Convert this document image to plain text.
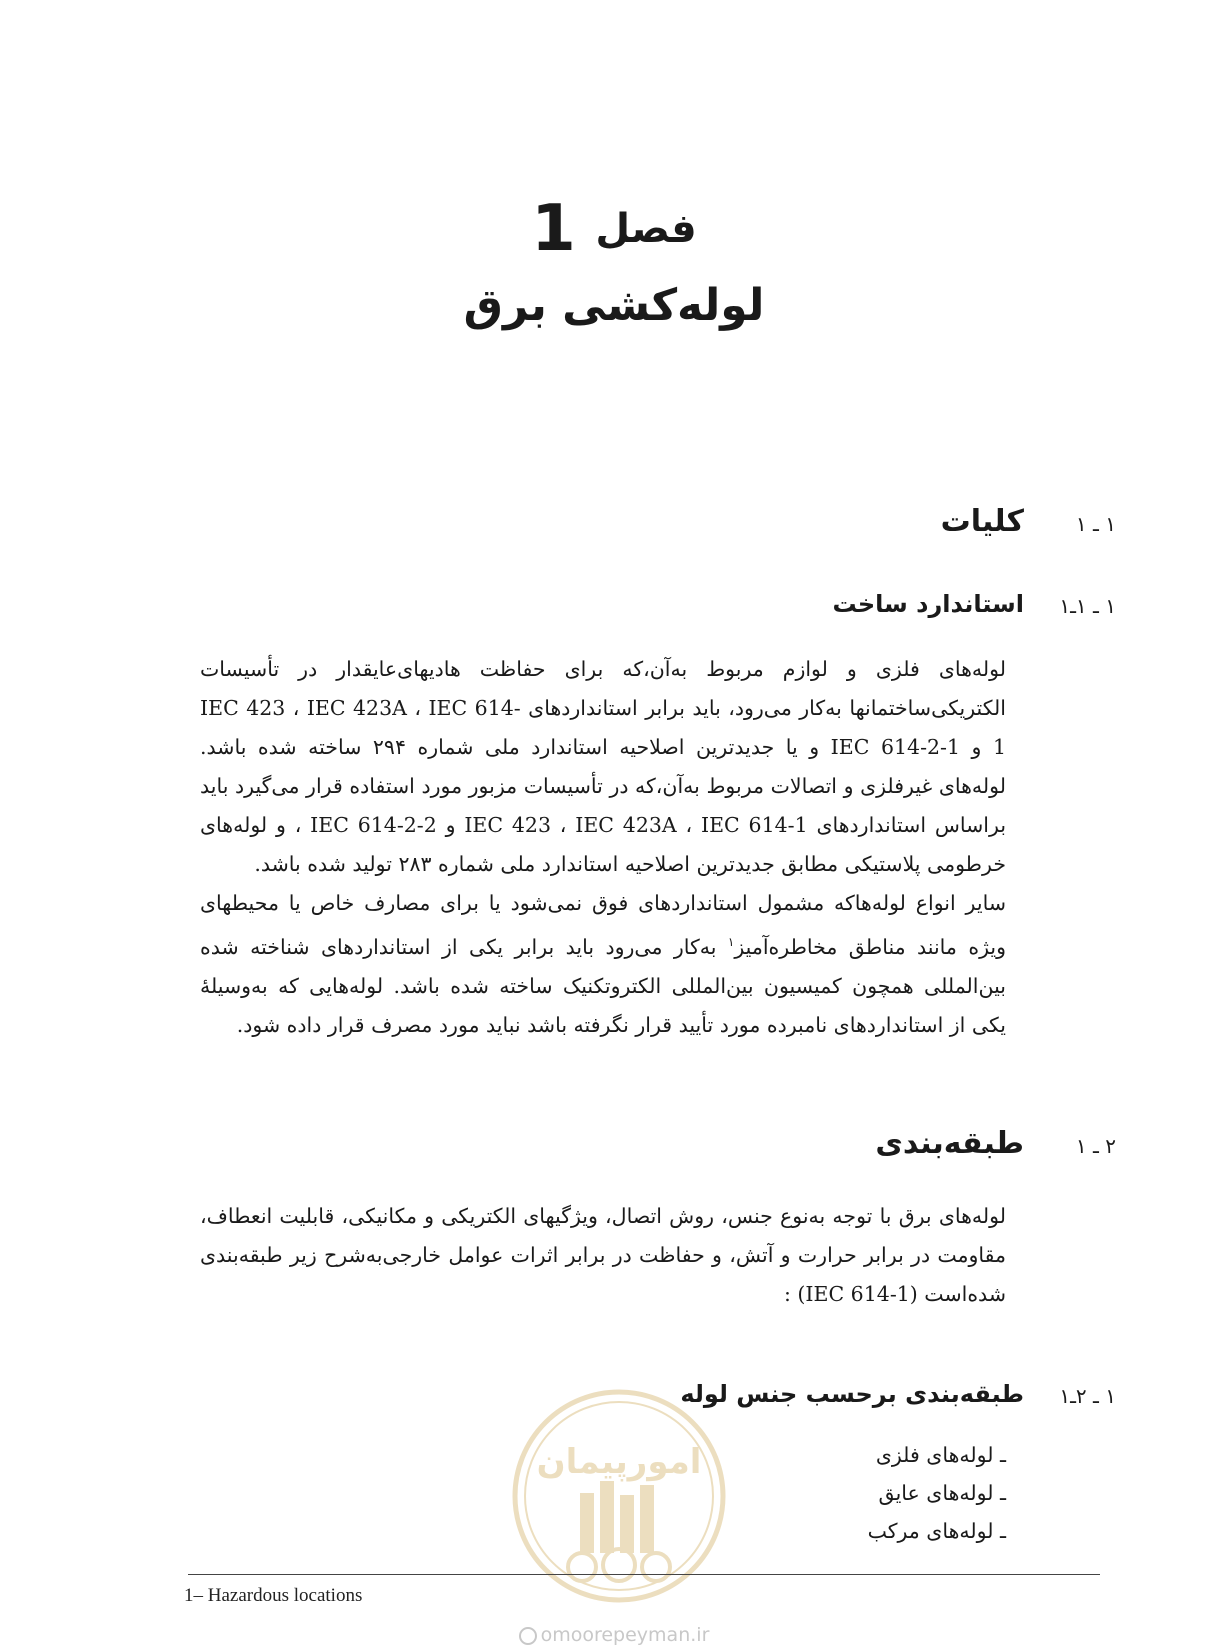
فصل 1
لوله‌کشی برق
۱ ـ ۱
کلیات
۱ ـ ۱ـ۱
استاندارد ساخت
لوله‌های فلزی و لوازم مربوط به‌آن،که برای حفاظت هادیهای‌عایقدار در تأسیسات الکتریکی‌ساختمانها به‌کار می‌رود، باید برابر استانداردهای IEC 423 ، IEC 423A ، IEC 614-1 و IEC 614-2-1 و یا جدیدترین اصلاحیه استاندارد ملی شماره ۲۹۴ ساخته شده باشد. لوله‌های غیرفلزی و اتصالات مربوط به‌آن،که در تأسیسات مزبور مورد استفاده قرار می‌گیرد باید براساس استانداردهای IEC 423 ، IEC 423A ، IEC 614-1 و IEC 614-2-2 ، و لوله‌های خرطومی پلاستیکی مطابق جدیدترین اصلاحیه استاندارد ملی شماره ۲۸۳ تولید شده باشد.
سایر انواع لوله‌هاکه مشمول استانداردهای فوق نمی‌شود یا برای مصارف خاص یا محیطهای ویژه مانند مناطق مخاطره‌آمیز$^۱$ به‌کار می‌رود باید برابر یکی از استانداردهای شناخته شده بین‌المللی همچون کمیسیون بین‌المللی الکتروتکنیک ساخته شده باشد. لوله‌هایی که به‌وسیلهٔ یکی از استانداردهای نامبرده مورد تأیید قرار نگرفته باشد نباید مورد مصرف قرار داده شود.
۲ ـ ۱
طبقه‌بندی
لوله‌های برق با توجه به‌نوع جنس، روش اتصال، ویژگیهای الکتریکی و مکانیکی، قابلیت انعطاف، مقاومت در برابر حرارت و آتش، و حفاظت در برابر اثرات عوامل خارجی‌به‌شرح زیر طبقه‌بندی شده‌است (IEC 614-1) :
۱ ـ ۲ـ۱
طبقه‌بندی برحسب جنس لوله
امورپیمان	ـ لوله‌های فلزی
ـ لوله‌های عایق
ـ لوله‌های مرکب
1– Hazardous locations
omoorepeyman.ir
